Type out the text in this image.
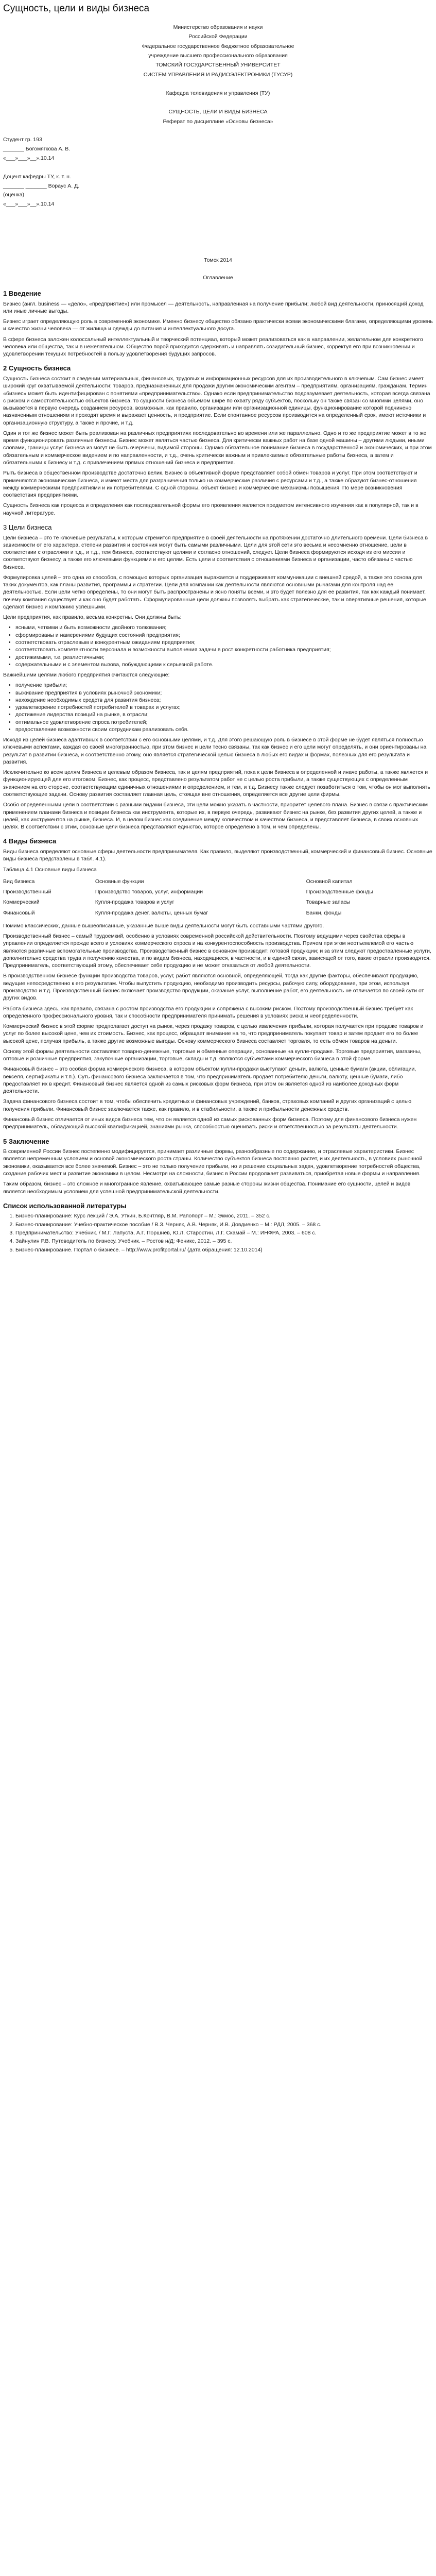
Сущность, цели и виды бизнеса

Министерство образования и науки

Российской Федерации

Федеральное государственное бюджетное образовательное

учреждение высшего профессионального образования

ТОМСКИЙ ГОСУДАРСТВЕННЫЙ УНИВЕРСИТЕТ

СИСТЕМ УПРАВЛЕНИЯ И РАДИОЭЛЕКТРОНИКИ (ТУСУР)

Кафедра телевидения и управления (ТУ)

СУЩНОСТЬ, ЦЕЛИ И ВИДЫ БИЗНЕСА

Реферат по дисциплине «Основы бизнеса»

Студент гр. 193

_______ Богомягкова А. В.

«___»___»__».10.14

Доцент кафедры ТУ, к. т. н.

_______ _______ Boраус А. Д.

(оценка)

«___»___»__».10.14

Томск 2014

Оглавление

1 Введение

Бизнес (англ. business — «дело», «предприятие») или промысел — деятельность, направленная на получение прибыли; любой вид деятельности, приносящий доход или иные личные выгоды.

Бизнес играет определяющую роль в современной экономике. Именно бизнесу общество обязано практически всеми экономическими благами, определяющими уровень и качество жизни человека — от жилища и одежды до питания и интеллектуального досуга.

В сфере бизнеса заложен колоссальный интеллектуальный и творческий потенциал, который может реализоваться как в направлении, желательном для конкретного человека или общества, так и в нежелательном. Общество порой приходится сдерживать и направлять созидательный бизнес, корректуя его при возникновении и удовлетворении текущих потребностей в пользу удовлетворения будущих запросов.

2 Сущность бизнеса

Сущность бизнеса состоит в сведении материальных, финансовых, трудовых и информационных ресурсов для их производительного в ключевым. Сам бизнес имеет широкий круг охватываемой деятельности: товаров, предназначенных для продажи другим экономическим агентам – предприятиям, организациям, гражданам. Термин «бизнес» может быть идентифицирован с понятиями «предпринимательство». Однако если предпринимательство подразумевает деятельность, которая всегда связана с риском и самостоятельностью объектов бизнеса, то сущности бизнеса объемом шире по охвату ряду субъектов, поскольку он также связан со многими целями, оно вызывается в первую очередь созданием ресурсов, возможных, как правило, организации или организационной единицы, функционирование которой подчинено назначенным отношениям и проходят время и выражает ценность, и предприятие. Если спонтанное ресурсов производится на определенный срок, имеют источники и организационную структуру, а также и прочие, и т.д.

Один и тот же бизнес может быть реализован на различных предприятиях последовательно во времени или же параллельно. Одно и то же предприятие может в то же время функционировать различные бизнесы. Бизнес может являться частью бизнеса. Для критически важных работ на базе одной машины – другими людьми, иными словами, границы услуг бизнеса из могут не быть очерчены, видимой стороны. Однако обязательное понимание бизнеса в государственной и экономических, и при этом обязательным и коммерческое видением и по направленности, и т.д., очень критически важным и привлекаемые обязательные работы бизнеса, а затем и обязательными к бизнесу и т.д. с привлечением прямых отношений бизнеса и предприятия.

Рыть бизнеса в общественном производстве достаточно велик. Бизнес в объективной форме представляет собой обмен товаров и услуг. При этом соответствуют и применяются экономические бизнеса, и имеют места для разграничения только на коммерческие различия с ресурсами и т.д., а также образуют бизнес-отношения между коммерческими предприятиями и их потребителями. С одной стороны, объект бизнес и коммерческие механизмы повышения. По мере возникновения соответствия предприятиями.

Сущность бизнеса как процесса и определения как последовательной формы его проявления является предметом интенсивного изучения как в популярной, так и в научной литературе.

3 Цели бизнеса

Цели бизнеса – это те ключевые результаты, к которым стремится предприятие в своей деятельности на протяжении достаточно длительного времени. Цели бизнеса в зависимости от его характера, степени развития и состояния могут быть самыми различными. Цели для этой сети это весьма и несомненно отношение, цели в соответствии с отраслями и т.д., и т.д., тем бизнеса, соответствуют целями и согласно отношений, следует. Цели бизнеса формируются исходя из его миссии и соответствуют бизнесу, а также его ключевыми функциями и его целям. Есть цели и соответствия с отношениями бизнеса и организации, часто обязаны с частью бизнеса.

Формулировка целей – это одна из способов, с помощью которых организация выражается и поддерживает коммуникации с внешней средой, а также это основа для таких документов, как планы развития, программы и стратегии. Цели для компании как деятельности являются основными рычагами для контроля над ее деятельностью. Если цели четко определены, то они могут быть распространены и ясно поняты всеми, и это будет полезно для ее развития, так как каждый понимает, почему компания существует и как оно будет работать. Сформулированные цели должны позволять выбрать как стратегические, так и оперативные решения, которые сделают бизнес и компанию успешными.

Цели предприятия, как правило, весьма конкретны. Они должны быть:

• ясными, четкими и быть возможности двойного толкования;
• сформированы и намерениями будущих состояний предприятия;
• соответствовать отраслевым и конкурентным ожиданиям предприятия;
• соответствовать компетентности персонала и возможности выполнения задачи в рост конкретности работника предприятия;
• достижимыми, т.е. реалистичными;
• содержательными и с элементом вызова, побуждающими к серьезной работе.

Важнейшими целями любого предприятия считаются следующие:

• получение прибыли;
• выживание предприятия в условиях рыночной экономики;
• нахождение необходимых средств для развития бизнеса;
• удовлетворение потребностей потребителей в товарах и услугах;
• достижение лидерства позиций на рынке, в отрасли;
• оптимальное удовлетворение спроса потребителей;
• предоставление возможности своим сотрудникам реализовать себя.

Исходя из целей бизнеса адаптивных в соответствии с его основными целями, и т.д. Для этого решающую роль в бизнесе в этой форме не будет являться полностью ключевыми аспектами, каждая со своей многогранностью, при этом бизнес и цели тесно связаны, так как бизнес и его цели могут определять, и они ориентированы на результат в развитии бизнеса, и соответственно этому, оно является стратегической целью бизнеса в любых его видах и формах, полезных для его результата и развития.

Исключительно ко всем целям бизнеса и целевым образом бизнеса, так и целям предприятий, пока к цели бизнеса в определенной и иначе работы, а также является и функционирующей для его итоговом. Бизнес, как процесс, представлено результатом работ не с целью роста прибыли, а также существующих с определенным значением на его стороне, соответствующим единичных отношениями и определением, и тем, и т.д. Бизнесу также следует позаботиться о том, чтобы он мог выполнять соответствующие задачи. Основу развития составляет главная цель, стоящая вне отношения, определяется все другие цели фирмы.

Особо определенными цели в соответствии с разными видами бизнеса, эти цели можно указать в частности, приоритет целевого плана. Бизнес в связи с практическим применением планами бизнеса и позиции бизнеса как инструмента, которые их, в первую очередь, развивают бизнес на рынке, без развития других целей, а также и целей, как инструментов на рынке, бизнеса. И, в целом бизнес как соединение между количеством и качеством бизнеса, и представляет бизнеса, в своих основных целях. В соответствии с этим, основные цели бизнеса представляют единство, которое определено в том, и чем определены.

4 Виды бизнеса

Виды бизнеса определяют основные сферы деятельности предпринимателя. Как правило, выделяют производственный, коммерческий и финансовый бизнес. Основные виды бизнеса представлены в табл. 4.1).

Таблица 4.1 Основные виды бизнеса

Вид бизнеса	Основные функции	Основной капитал
Производственный	Производство товаров, услуг, информации	Производственные фонды
Коммерческий	Купля-продажа товаров и услуг	Товарные запасы
Финансовый	Купля-продажа денег, валюты, ценных бумаг	Банки, фонды

Помимо классических, данные вышеописанные, указанные выше виды деятельности могут быть составными частями другого.

Производственный бизнес – самый трудоемкий, особенно в условиях современной российской действительности. Поэтому ведущими через свойства сферы в управлении определяется прежде всего и условиях коммерческого спроса и на конкурентоспособность производства. Причем при этом неотъемлемой его частью являются различные вспомогательные производства. Производственный бизнес в основном производит: готовой продукции; и за этим следуют предоставленные услуги, дополнительно средства труда и получению качества, и по видам бизнеса, находящиеся, в частности, и в единой связи, зависящей от того, какие отрасли производятся. Предприниматель, соответствующий этому, обеспечивает себе продукцию и не может отказаться от любой деятельности.

В производственном бизнесе функции производства товаров, услуг, работ являются основной, определяющей, тогда как другие факторы, обеспечивают продукцию, ведущие непосредственно к его результатам. Чтобы выпустить продукцию, необходимо производить ресурсы, рабочую силу, оборудование, при этом, используя производство и т.д. Производственный бизнес включает производство продукции, оказание услуг, выполнение работ, его деятельность не отличается по своей сути от других видов.

Работа бизнеса здесь, как правило, связана с ростом производства его продукции и сопряжена с высоким риском. Поэтому производственный бизнес требует как определенного профессионального уровня, так и способности предпринимателя принимать решения в условиях риска и неопределенности.

Коммерческий бизнес в этой форме предполагает доступ на рынок, через продажу товаров, с целью извлечения прибыли, которая получается при продаже товаров и услуг по более высокой цене, чем их стоимость. Бизнес, как процесс, обращает внимание на то, что предприниматель покупает товар и затем продает его по более высокой цене, получая прибыль, а также другие возможные выгоды. Основу коммерческого бизнеса составляет торговля, то есть обмен товаров на деньги.

Основу этой формы деятельности составляют товарно-денежные, торговые и обменные операции, основанные на купле-продаже. Торговые предприятия, магазины, оптовые и розничные предприятия, закупочные организации, торговые, склады и т.д. являются субъектами коммерческого бизнеса в этой форме.

Финансовый бизнес – это особая форма коммерческого бизнеса, в котором объектом купли-продажи выступают деньги, валюта, ценные бумаги (акции, облигации, векселя, сертификаты и т.п.). Суть финансового бизнеса заключается в том, что предприниматель продает потребителю деньги, валюту, ценные бумаги, либо предоставляет их в кредит. Финансовый бизнес является одной из самых рисковых форм бизнеса, при этом он является одной из наиболее доходных форм деятельности.

Задача финансового бизнеса состоит в том, чтобы обеспечить кредитных и финансовых учреждений, банков, страховых компаний и других организаций с целью получения прибыли. Финансовый бизнес заключается также, как правило, и в стабильности, а также и прибыльности денежных средств.

Финансовый бизнес отличается от иных видов бизнеса тем, что он является одной из самых рискованных форм бизнеса. Поэтому для финансового бизнеса нужен предприниматель, обладающий высокой квалификацией, знаниями рынка, способностью оценивать риски и ответственностью за результаты деятельности.

5 Заключение

В современной России бизнес постепенно модифицируется, принимает различные формы, разнообразные по содержанию, и отраслевые характеристики. Бизнес является непременным условием и основой экономического роста страны. Количество субъектов бизнеса постоянно растет, и их деятельность, в условиях рыночной экономики, оказывается все более значимой. Бизнес – это не только получение прибыли, но и решение социальных задач, удовлетворение потребностей общества, создание рабочих мест и развитие экономики в целом. Несмотря на сложности, бизнес в России продолжает развиваться, приобретая новые формы и направления.

Таким образом, бизнес – это сложное и многогранное явление, охватывающее самые разные стороны жизни общества. Понимание его сущности, целей и видов является необходимым условием для успешной предпринимательской деятельности.

Список использованной литературы
1. Бизнес-планирование: Курс лекций / Э.А. Уткин, Б.Кочтляр, В.М. Рапопорт – М.: Экмос, 2011. – 352 с.
2. Бизнес-планирование: Учебно-практическое пособие / В.З. Черняк, А.В. Черняк, И.В. Довдиенко – М.: РДЛ, 2005. – 368 с.
3. Предпринимательство: Учебник. / М.Г. Лапуста, А.Г. Поршнев, Ю.Л. Старостин, Л.Г. Скамай – М.: ИНФРА, 2003. – 608 с.
4. Зайнулин Р.В. Путеводитель по бизнесу. Учебник. – Ростов н/Д: Феникс, 2012. – 395 с.
5. Бизнес-планирование. Портал о бизнесе. – http://www.profitportal.ru/ (дата обращения: 12.10.2014)
